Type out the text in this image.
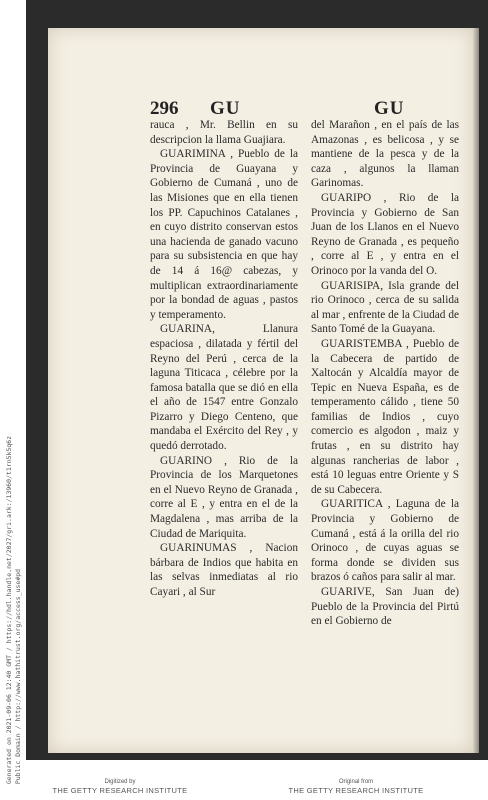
Generated on 2021-09-06 12:40 GMT / https://hdl.handle.net/2027/gri.ark:/13960/t1rn5k5q6z Public Domain / http://www.hathitrust.org/access_use#pd
296 GU	GU

rauca , Mr. Bellin en su descripcion la llama Guajiara.

GUARIMINA , Pueblo de la Provincia de Guayana y Gobierno de Cumaná , uno de las Misiones que en ella tienen los PP. Capuchinos Catalanes , en cuyo distrito conservan estos una hacienda de ganado vacuno para su subsistencia en que hay de 14 á 16@ cabezas, y multiplican extraordinariamente por la bondad de aguas , pastos y temperamento.

GUARINA, Llanura espaciosa , dilatada y fértil del Reyno del Perú , cerca de la laguna Titicaca , célebre por la famosa batalla que se dió en ella el año de 1547 entre Gonzalo Pizarro y Diego Centeno, que mandaba el Exército del Rey , y quedó derrotado.

GUARINO , Rio de la Provincia de los Marquetones en el Nuevo Reyno de Granada , corre al E , y entra en el de la Magdalena , mas arriba de la Ciudad de Mariquita.

GUARINUMAS , Nacion bárbara de Indios que habita en las selvas inmediatas al rio Cayari , al Sur

del Marañon , en el país de las Amazonas , es belicosa , y se mantiene de la pesca y de la caza , algunos la llaman Garinomas.

GUARIPO , Rio de la Provincia y Gobierno de San Juan de los Llanos en el Nuevo Reyno de Granada , es pequeño , corre al E , y entra en el Orinoco por la vanda del O.

GUARISIPA, Isla grande del rio Orinoco , cerca de su salida al mar , enfrente de la Ciudad de Santo Tomé de la Guayana.

GUARISTEMBA , Pueblo de la Cabecera de partido de Xaltocán y Alcaldía mayor de Tepic en Nueva España, es de temperamento cálido , tiene 50 familias de Indios , cuyo comercio es algodon , maiz y frutas , en su distrito hay algunas rancherias de labor , está 10 leguas entre Oriente y S de su Cabecera.

GUARITICA , Laguna de la Provincia y Gobierno de Cumaná , está á la orilla del rio Orinoco , de cuyas aguas se forma donde se dividen sus brazos ó caños para salir al mar.

GUARIVE, San Juan de) Pueblo de la Provincia del Pirtú en el Gobierno de

Digitized by
THE GETTY RESEARCH INSTITUTE
Original from
THE GETTY RESEARCH INSTITUTE
